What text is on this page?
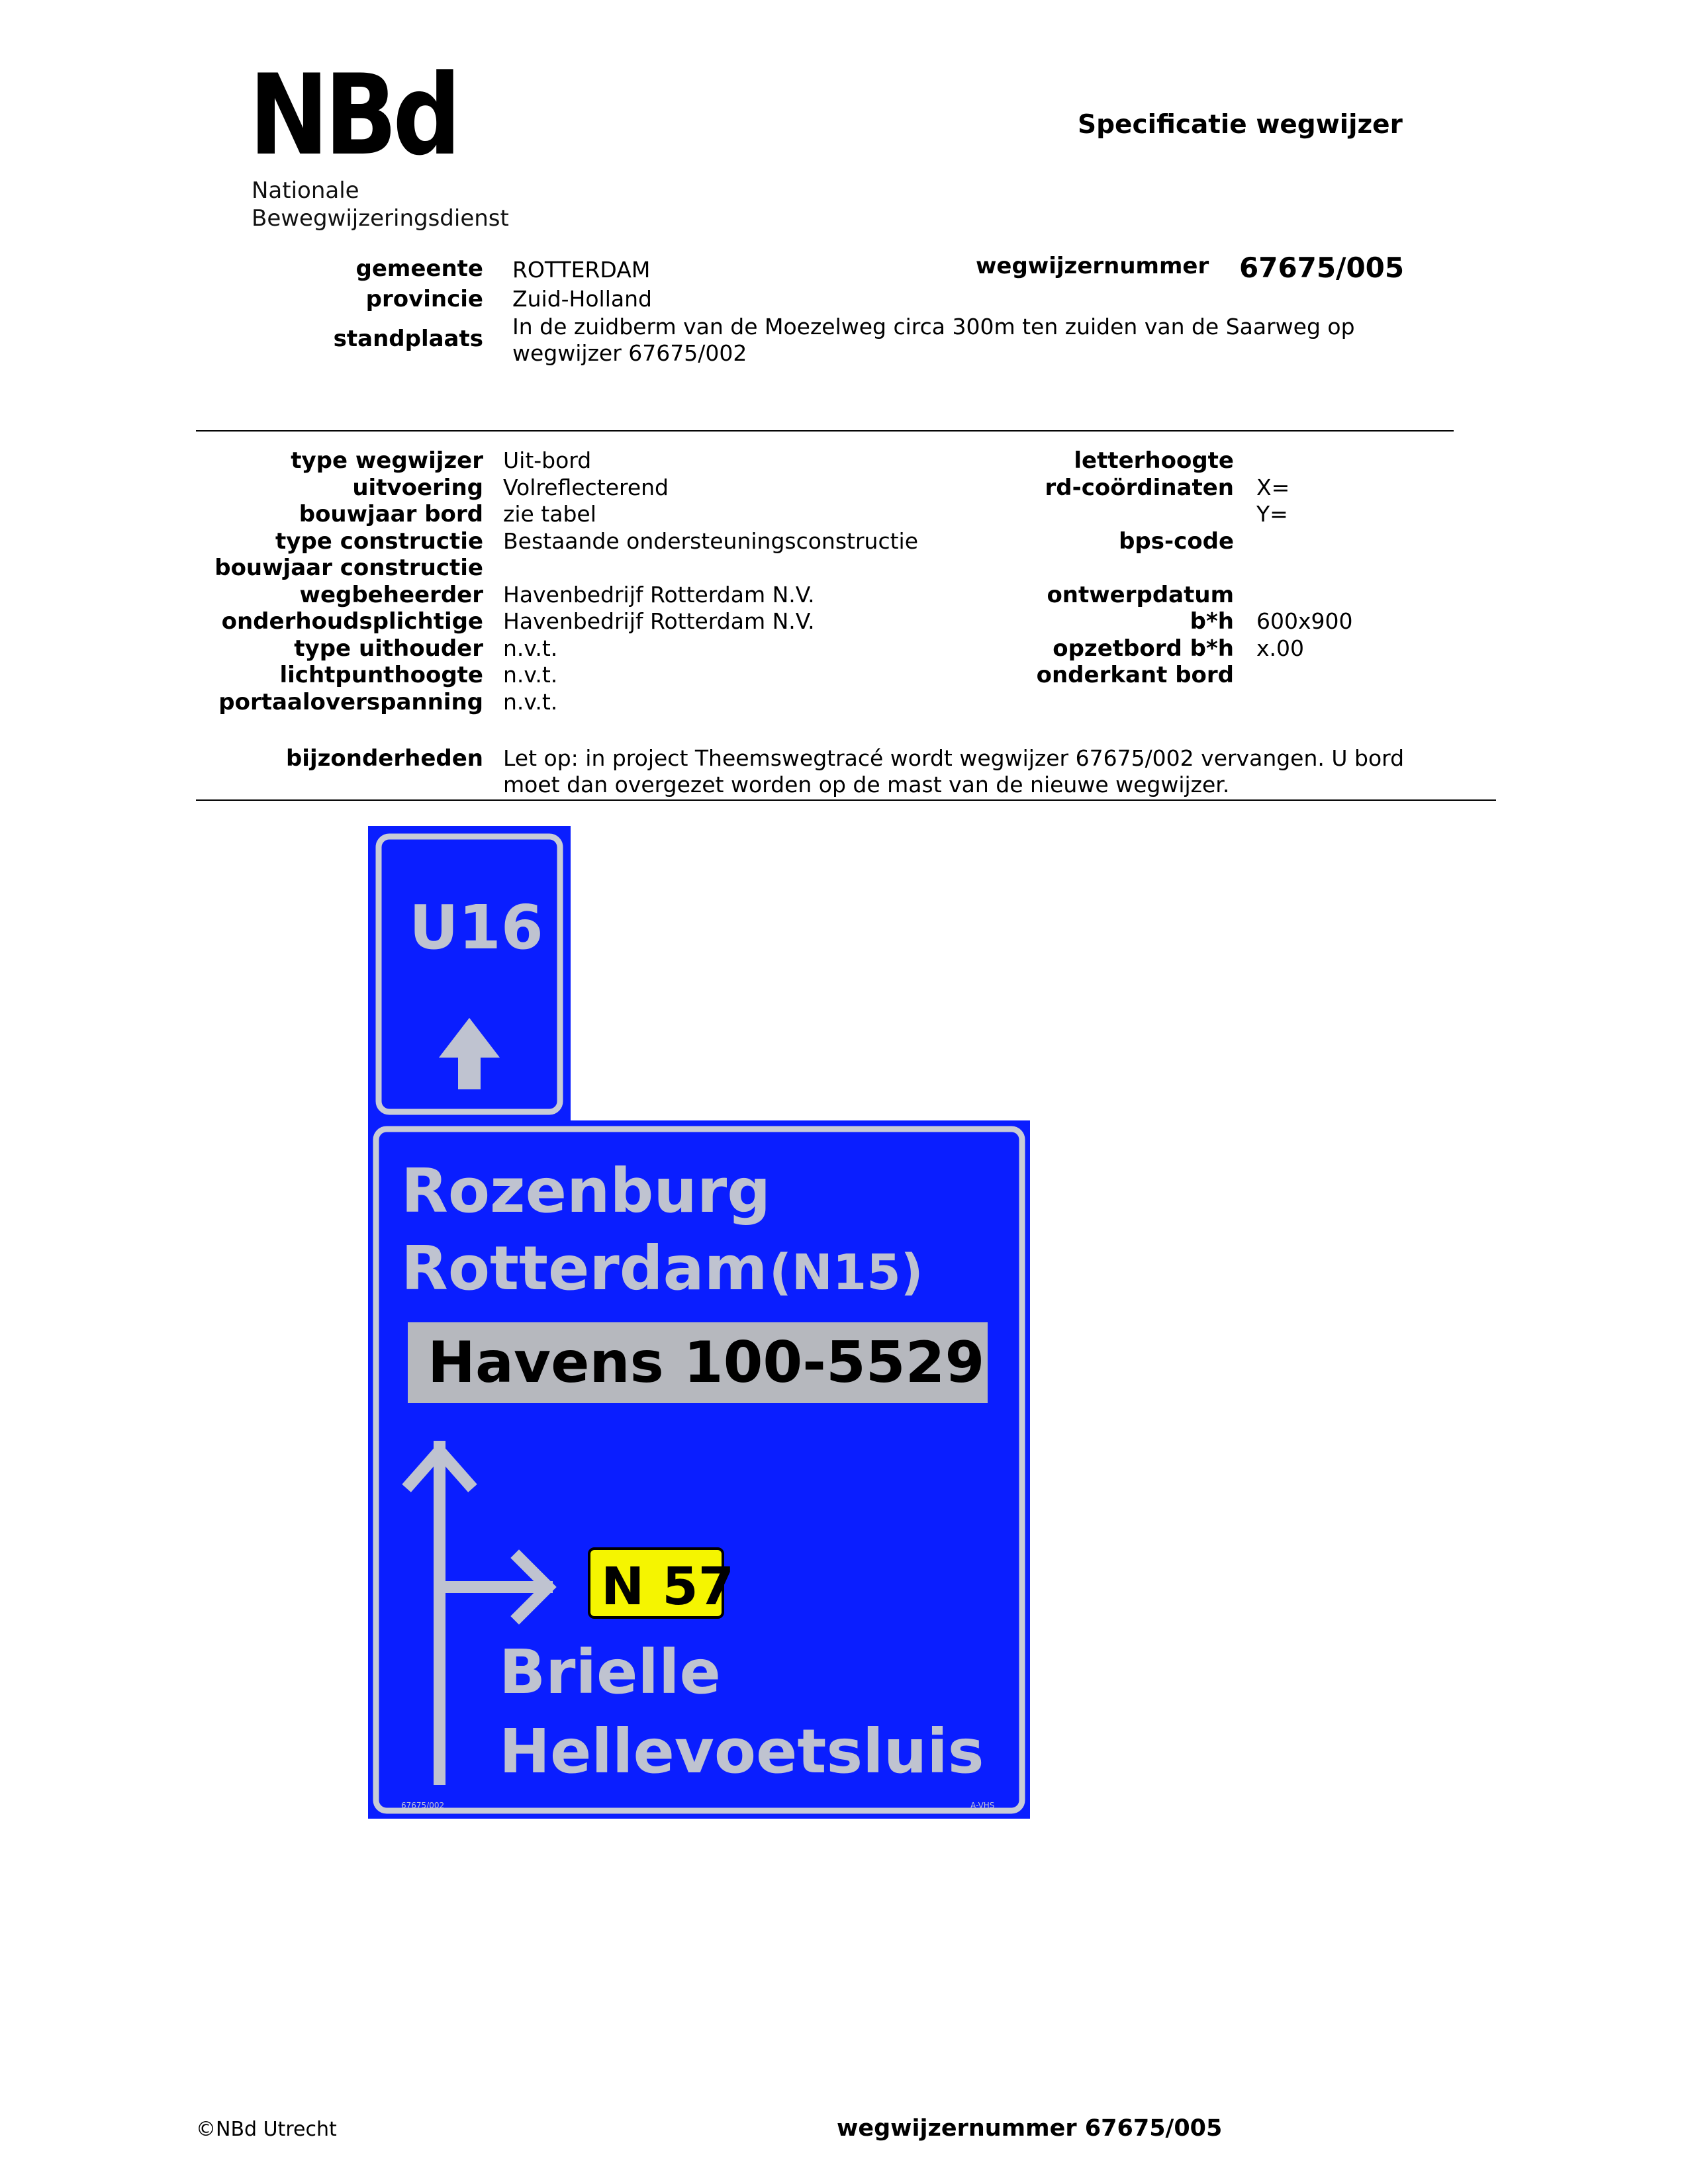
NBd
Nationale
Bewegwijzeringsdienst
Specificatie wegwijzer
gemeente ROTTERDAM
provincie Zuid-Holland
standplaats In de zuidberm van de Moezelweg circa 300m ten zuiden van de Saarweg op
wegwijzer 67675/002
wegwijzernummer 67675/005
type wegwijzer Uit-bord
uitvoering Volreflecterend
bouwjaar bord zie tabel
type constructie Bestaande ondersteuningsconstructie
bouwjaar constructie
wegbeheerder Havenbedrijf Rotterdam N.V.
onderhoudsplichtige Havenbedrijf Rotterdam N.V.
type uithouder n.v.t.
lichtpunthoogte n.v.t.
portaaloverspanning n.v.t.
letterhoogte
rd-coördinaten X=
Y=
bps-code
ontwerpdatum
b*h 600x900
opzetbord b*h x.00
onderkant bord
bijzonderheden Let op: in project Theemswegtracé wordt wegwijzer 67675/002 vervangen. U bord
moet dan overgezet worden op de mast van de nieuwe wegwijzer.
U16
Rozenburg
Rotterdam (N15)
Havens 100-5529
N 57
Brielle
Hellevoetsluis
67675/002	A-VHS
©NBd Utrecht	wegwijzernummer 67675/005
